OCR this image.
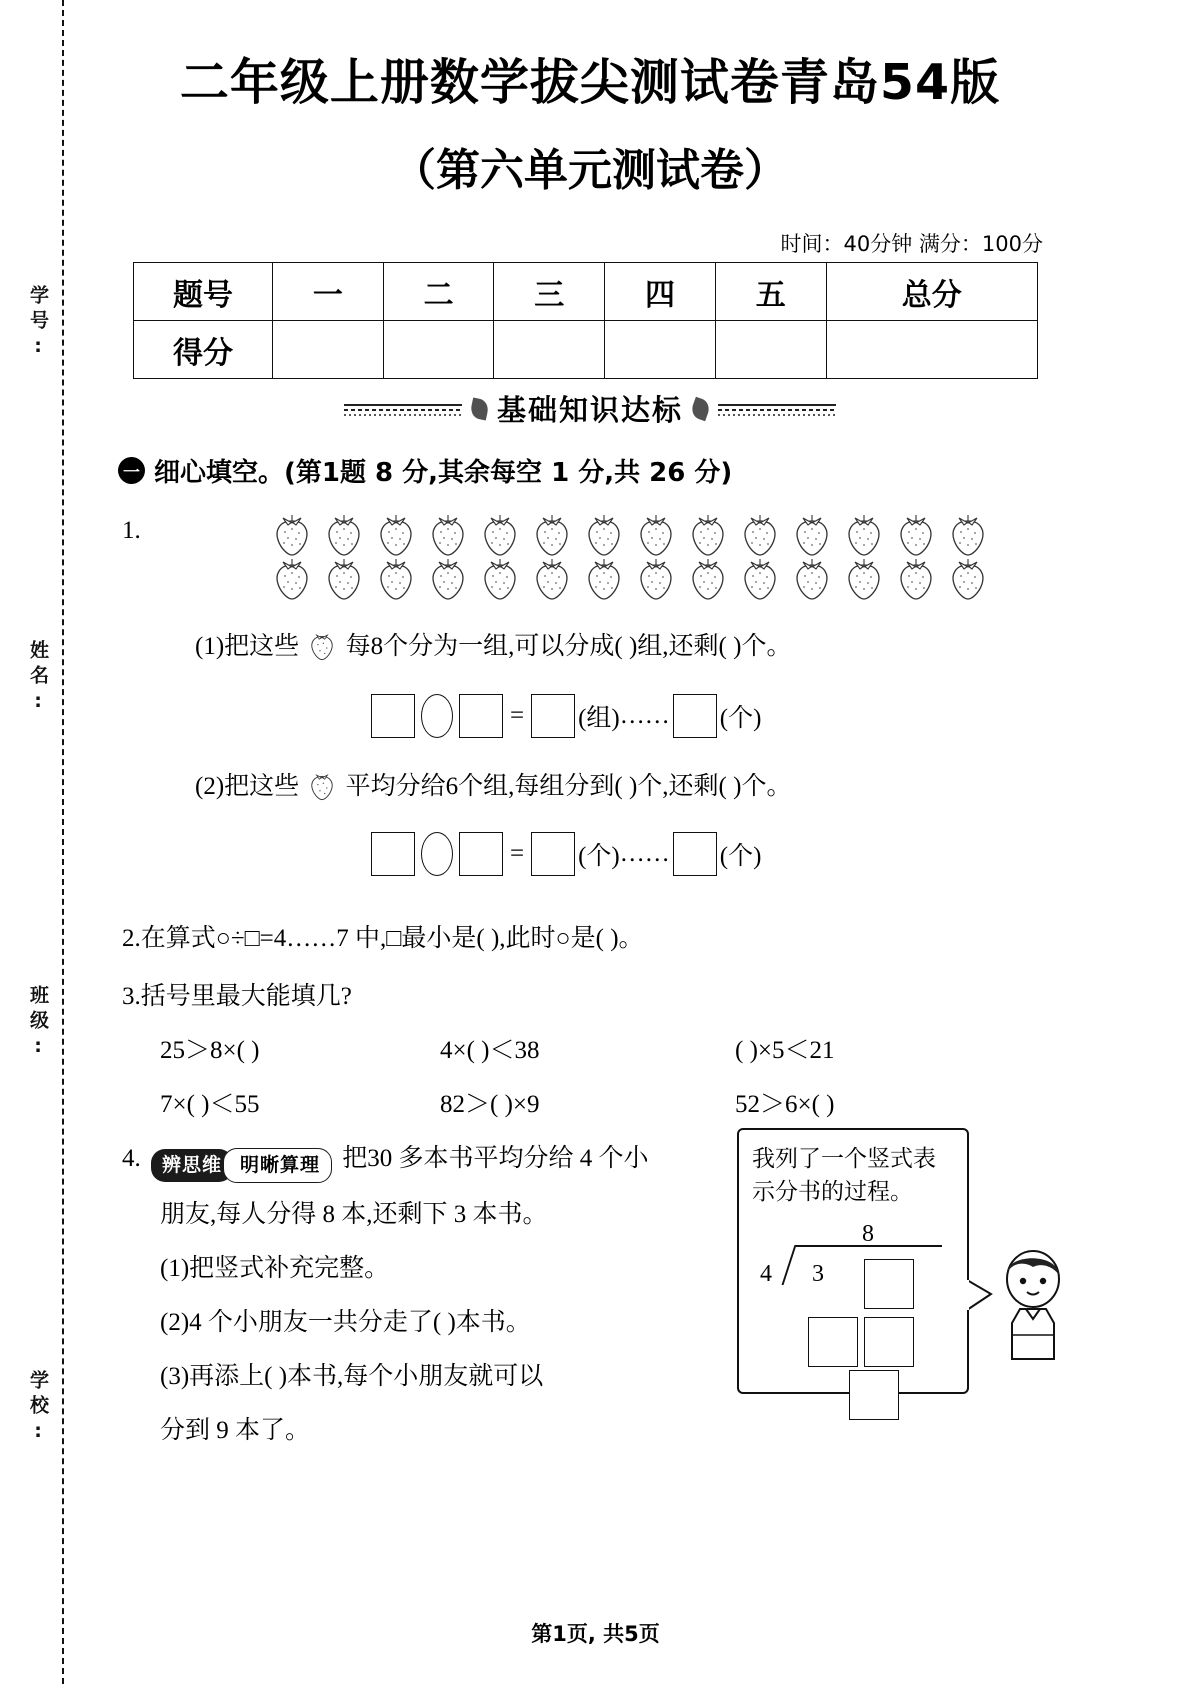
学号:
姓名:
班级:
学校:
二年级上册数学拔尖测试卷青岛54版
（第六单元测试卷）
时间：40分钟 满分：100分
题号	一	二	三	四	五	总分
得分						
基础知识达标
一 细心填空。(第1题 8 分,其余每空 1 分,共 26 分)
1.
(1)把这些 每8个分为一组,可以分成( )组,还剩( )个。
= (组) …… (个)
(2)把这些 平均分给6个组,每组分到( )个,还剩( )个。
= (个) …… (个)
2.在算式○÷□=4……7 中,□最小是( ),此时○是( )。
3.括号里最大能填几?
25＞8×( )	4×( )＜38	( )×5＜21
7×( )＜55	82＞( )×9	52＞6×( )
4.	辨思维 明晰算理 把30 多本书平均分给 4 个小
朋友,每人分得 8 本,还剩下 3 本书。
(1)把竖式补充完整。
(2)4 个小朋友一共分走了( )本书。
(3)再添上( )本书,每个小朋友就可以
分到 9 本了。
我列了一个竖式表
示分书的过程。
8
4 3
第1页, 共5页
